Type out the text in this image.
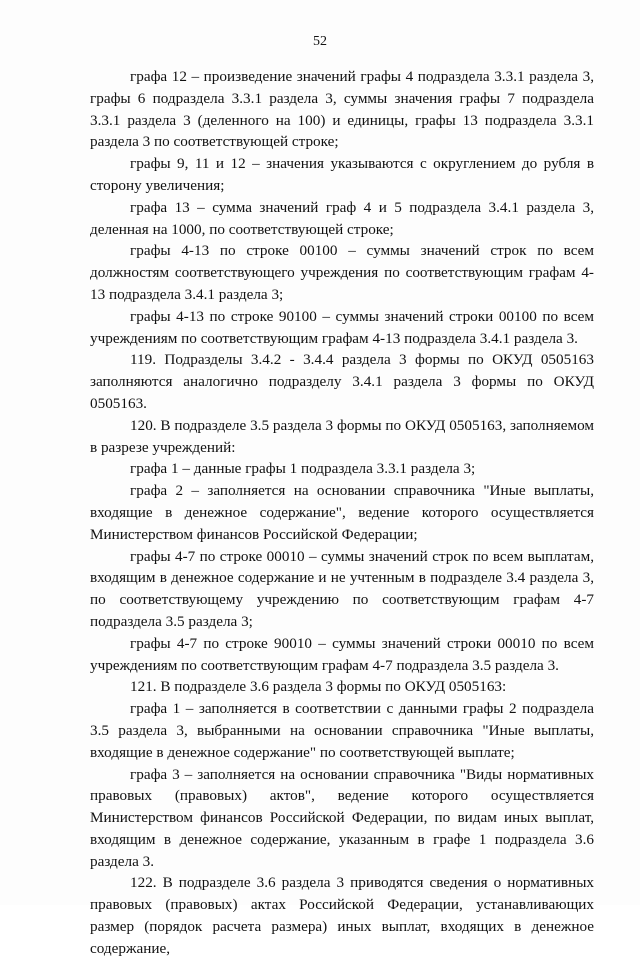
52

графа 12 – произведение значений графы 4 подраздела 3.3.1 раздела 3, графы 6 подраздела 3.3.1 раздела 3, суммы значения графы 7 подраздела 3.3.1 раздела 3 (деленного на 100) и единицы, графы 13 подраздела 3.3.1 раздела 3 по соответствующей строке;

графы 9, 11 и 12 – значения указываются с округлением до рубля в сторону увеличения;

графа 13 – сумма значений граф 4 и 5 подраздела 3.4.1 раздела 3, деленная на 1000, по соответствующей строке;

графы 4-13 по строке 00100 – суммы значений строк по всем должностям соответствующего учреждения по соответствующим графам 4-13 подраздела 3.4.1 раздела 3;

графы 4-13 по строке 90100 – суммы значений строки 00100 по всем учреждениям по соответствующим графам 4-13 подраздела 3.4.1 раздела 3.

119. Подразделы 3.4.2 - 3.4.4 раздела 3 формы по ОКУД 0505163 заполняются аналогично подразделу 3.4.1 раздела 3 формы по ОКУД 0505163.

120. В подразделе 3.5 раздела 3 формы по ОКУД 0505163, заполняемом в разрезе учреждений:

графа 1 – данные графы 1 подраздела 3.3.1 раздела 3;

графа 2 – заполняется на основании справочника "Иные выплаты, входящие в денежное содержание", ведение которого осуществляется Министерством финансов Российской Федерации;

графы 4-7 по строке 00010 – суммы значений строк по всем выплатам, входящим в денежное содержание и не учтенным в подразделе 3.4 раздела 3, по соответствующему учреждению по соответствующим графам 4-7 подраздела 3.5 раздела 3;

графы 4-7 по строке 90010 – суммы значений строки 00010 по всем учреждениям по соответствующим графам 4-7 подраздела 3.5 раздела 3.

121. В подразделе 3.6 раздела 3 формы по ОКУД 0505163:

графа 1 – заполняется в соответствии с данными графы 2 подраздела 3.5 раздела 3, выбранными на основании справочника "Иные выплаты, входящие в денежное содержание" по соответствующей выплате;

графа 3 – заполняется на основании справочника "Виды нормативных правовых (правовых) актов", ведение которого осуществляется Министерством финансов Российской Федерации, по видам иных выплат, входящим в денежное содержание, указанным в графе 1 подраздела 3.6 раздела 3.

122. В подразделе 3.6 раздела 3 приводятся сведения о нормативных правовых (правовых) актах Российской Федерации, устанавливающих размер (порядок расчета размера) иных выплат, входящих в денежное содержание,
